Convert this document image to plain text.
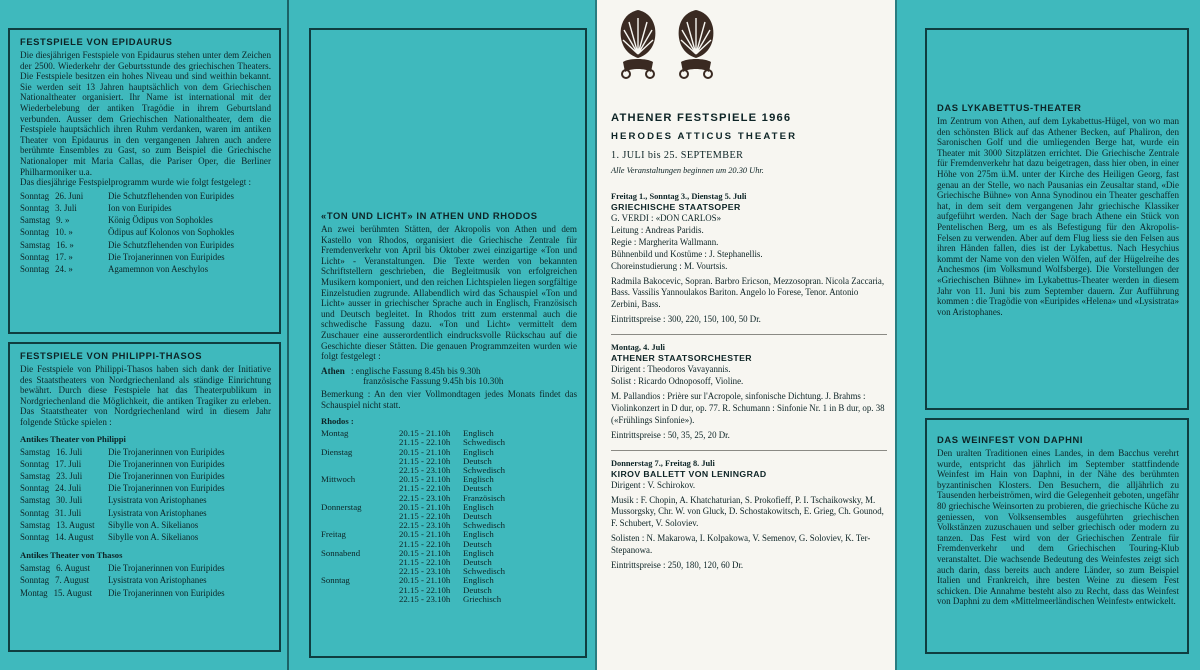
FESTSPIELE VON EPIDAURUS
Die diesjährigen Festspiele von Epidaurus stehen unter dem Zeichen der 2500. Wiederkehr der Geburtsstunde des griechischen Theaters. Die Festspiele besitzen ein hohes Niveau und sind weithin bekannt. Sie werden seit 13 Jahren hauptsächlich von dem Griechischen Nationaltheater organisiert. Ihr Name ist international mit der Wiederbelebung der antiken Tragödie in ihrem Geburtsland verbunden. Ausser dem Griechischen Nationaltheater, dem die Festspiele hauptsächlich ihren Ruhm verdanken, waren im antiken Theater von Epidaurus in den vergangenen Jahren auch andere berühmte Ensembles zu Gast, so zum Beispiel die Griechische Nationaloper mit Maria Callas, die Pariser Oper, die Berliner Philharmoniker u.a.
Das diesjährige Festspielprogramm wurde wie folgt festgelegt :
Sonntag 26. Juni	Die Schutzflehenden von Euripides
Sonntag 3. Juli	Ion von Euripides
Samstag 9. »	König Ödipus von Sophokles
Sonntag 10. »	Ödipus auf Kolonos von Sophokles
Samstag 16. »	Die Schutzflehenden von Euripides
Sonntag 17. »	Die Trojanerinnen von Euripides
Sonntag 24. »	Agamemnon von Aeschylos
FESTSPIELE VON PHILIPPI-THASOS
Die Festspiele von Philippi-Thasos haben sich dank der Initiative des Staatstheaters von Nordgriechenland als ständige Einrichtung bewährt. Durch diese Festspiele hat das Theaterpublikum in Nordgriechenland die Möglichkeit, die antiken Tragiker zu erleben. Das Staatstheater von Nordgriechenland wird in diesem Jahr folgende Stücke spielen :
Antikes Theater von Philippi
Samstag 16. Juli	Die Trojanerinnen von Euripides
Sonntag 17. Juli	Die Trojanerinnen von Euripides
Samstag 23. Juli	Die Trojanerinnen von Euripides
Sonntag 24. Juli	Die Trojanerinnen von Euripides
Samstag 30. Juli	Lysistrata von Aristophanes
Sonntag 31. Juli	Lysistrata von Aristophanes
Samstag 13. August	Sibylle von A. Sikelianos
Sonntag 14. August	Sibylle von A. Sikelianos
Antikes Theater von Thasos
Samstag 6. August	Die Trojanerinnen von Euripides
Sonntag 7. August	Lysistrata von Aristophanes
Montag 15. August	Die Trojanerinnen von Euripides
«TON UND LICHT» IN ATHEN UND RHODOS
An zwei berühmten Stätten, der Akropolis von Athen und dem Kastello von Rhodos, organisiert die Griechische Zentrale für Fremdenverkehr von April bis Oktober zwei einzigartige «Ton und Licht» - Veranstaltungen. Die Texte werden von bekannten Schriftstellern geschrieben, die Begleitmusik von erfolgreichen Musikern komponiert, und den reichen Lichtspielen liegen sorgfältige Einzelstudien zugrunde. Allabendlich wird das Schauspiel «Ton und Licht» ausser in griechischer Sprache auch in Englisch, Französisch und Deutsch begleitet. In Rhodos tritt zum erstenmal auch die schwedische Fassung dazu. «Ton und Licht» vermittelt dem Zuschauer eine ausserordentlich eindrucksvolle Rückschau auf die Geschichte dieser Stätten. Die genauen Programmzeiten wurden wie folgt festgelegt :
Athen : englische Fassung 8.45h bis 9.30h
französische Fassung 9.45h bis 10.30h
Bemerkung : An den vier Vollmondtagen jedes Monats findet das Schauspiel nicht statt.
Rhodos :
Montag	20.15 - 21.10h	Englisch
	21.15 - 22.10h	Schwedisch
Dienstag	20.15 - 21.10h	Englisch
	21.15 - 22.10h	Deutsch
	22.15 - 23.10h	Schwedisch
Mittwoch	20.15 - 21.10h	Englisch
	21.15 - 22.10h	Deutsch
	22.15 - 23.10h	Französisch
Donnerstag	20.15 - 21.10h	Englisch
	21.15 - 22.10h	Deutsch
	22.15 - 23.10h	Schwedisch
Freitag	20.15 - 21.10h	Englisch
	21.15 - 22.10h	Deutsch
Sonnabend	20.15 - 21.10h	Englisch
	21.15 - 22.10h	Deutsch
	22.15 - 23.10h	Schwedisch
Sonntag	20.15 - 21.10h	Englisch
	21.15 - 22.10h	Deutsch
	22.15 - 23.10h	Griechisch
ATHENER FESTSPIELE 1966
HERODES ATTICUS THEATER
1. JULI bis 25. SEPTEMBER
Alle Veranstaltungen beginnen um 20.30 Uhr.
Freitag 1., Sonntag 3., Dienstag 5. Juli
GRIECHISCHE STAATSOPER
G. VERDI : «DON CARLOS»
Leitung : Andreas Paridis.
Regie : Margherita Wallmann.
Bühnenbild und Kostüme : J. Stephanellis.
Choreinstudierung : M. Vourtsis.
Radmila Bakocevic, Sopran. Barbro Ericson, Mezzosopran. Nicola Zaccaria, Bass. Vassilis Yannoulakos Bariton. Angelo lo Forese, Tenor. Antonio Zerbini, Bass.
Eintrittspreise : 300, 220, 150, 100, 50 Dr.
Montag, 4. Juli
ATHENER STAATSORCHESTER
Dirigent : Theodoros Vavayannis.
Solist : Ricardo Odnoposoff, Violine.
M. Pallandios : Prière sur l'Acropole, sinfonische Dichtung. J. Brahms : Violinkonzert in D dur, op. 77. R. Schumann : Sinfonie Nr. 1 in B dur, op. 38 («Frühlings Sinfonie»).
Eintrittspreise : 50, 35, 25, 20 Dr.
Donnerstag 7., Freitag 8. Juli
KIROV BALLETT VON LENINGRAD
Dirigent : V. Schirokov.
Musik : F. Chopin, A. Khatchaturian, S. Prokofieff, P. I. Tschaikowsky, M. Mussorgsky, Chr. W. von Gluck, D. Schostakowitsch, E. Grieg, Ch. Gounod, F. Schubert, V. Soloviev.
Solisten : N. Makarowa, I. Kolpakowa, V. Semenov, G. Soloviev, K. Ter-Stepanowa.
Eintrittspreise : 250, 180, 120, 60 Dr.
DAS LYKABETTUS-THEATER
Im Zentrum von Athen, auf dem Lykabettus-Hügel, von wo man den schönsten Blick auf das Athener Becken, auf Phaliron, den Saronischen Golf und die umliegenden Berge hat, wurde ein Theater mit 3000 Sitzplätzen errichtet. Die Griechische Zentrale für Fremdenverkehr hat dazu beigetragen, dass hier oben, in einer Höhe von 275m ü.M. unter der Kirche des Heiligen Georg, fast genau an der Stelle, wo nach Pausanias ein Zeusaltar stand, «Die Griechische Bühne» von Anna Synodinou ein Theater geschaffen hat, in dem seit dem vergangenen Jahr griechische Klassiker aufgeführt werden. Nach der Sage brach Athene ein Stück von Pentelischen Berg, um es als Befestigung für den Akropolis-Felsen zu verwenden. Aber auf dem Flug liess sie den Felsen aus ihren Händen fallen, dies ist der Lykabettus. Nach Hesychius kommt der Name von den vielen Wölfen, auf der Hügelreihe des Anchesmos (im Volksmund Wolfsberge). Die Vorstellungen der «Griechischen Bühne» im Lykabettus-Theater werden in diesem Jahr von 11. Juni bis zum September dauern. Zur Aufführung kommen : die Tragödie von «Euripides «Helena» und «Lysistrata» von Aristophanes.
DAS WEINFEST VON DAPHNI
Den uralten Traditionen eines Landes, in dem Bacchus verehrt wurde, entspricht das jährlich im September stattfindende Weinfest im Hain von Daphni, in der Nähe des berühmten byzantinischen Klosters. Den Besuchern, die alljährlich zu Tausenden herbeiströmen, wird die Gelegenheit geboten, ungefähr 80 griechische Weinsorten zu probieren, die griechische Küche zu geniessen, von Volksensembles ausgeführten griechischen Volkstänzen zuzuschauen und selber griechisch oder modern zu tanzen. Das Fest wird von der Griechischen Zentrale für Fremdenverkehr und dem Griechischen Touring-Klub veranstaltet. Die wachsende Bedeutung des Weinfestes zeigt sich auch darin, dass bereits auch andere Länder, so zum Beispiel Italien und Frankreich, ihre besten Weine zu diesem Fest schicken. Die Annahme besteht also zu Recht, dass das Weinfest von Daphni zu dem «Mittelmeerländischen Weinfest» entwickelt.
